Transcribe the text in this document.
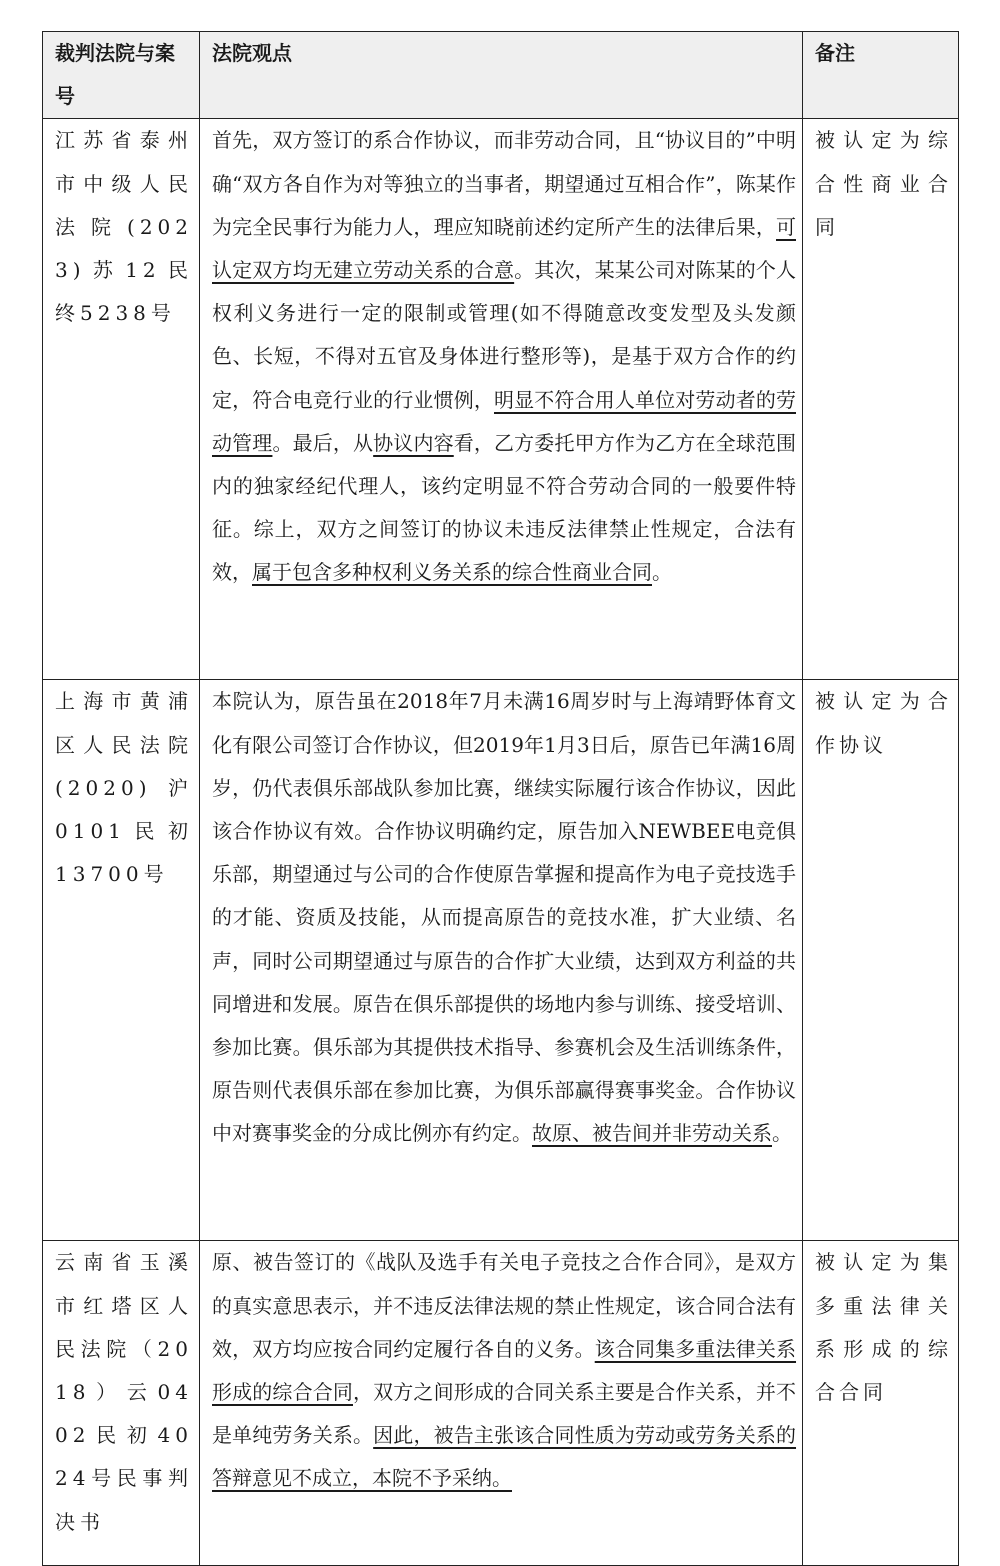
裁判法院与案号	法院观点	备注
江苏省泰州市中级人民法院(2023)苏12民终5238号	首先，双方签订的系合作协议，而非劳动合同，且“协议目的”中明确“双方各自作为对等独立的当事者，期望通过互相合作”，陈某作为完全民事行为能力人，理应知晓前述约定所产生的法律后果，可认定双方均无建立劳动关系的合意。其次，某某公司对陈某的个人权利义务进行一定的限制或管理(如不得随意改变发型及头发颜色、长短，不得对五官及身体进行整形等)，是基于双方合作的约定，符合电竞行业的行业惯例，明显不符合用人单位对劳动者的劳动管理。最后，从协议内容看，乙方委托甲方作为乙方在全球范围内的独家经纪代理人，该约定明显不符合劳动合同的一般要件特征。综上，双方之间签订的协议未违反法律禁止性规定，合法有效，属于包含多种权利义务关系的综合性商业合同。	被认定为综合性商业合同
上海市黄浦区人民法院(2020)沪0101民初13700号	本院认为，原告虽在2018年7月未满16周岁时与上海靖野体育文化有限公司签订合作协议，但2019年1月3日后，原告已年满16周岁，仍代表俱乐部战队参加比赛，继续实际履行该合作协议，因此该合作协议有效。合作协议明确约定，原告加入NEWBEE电竞俱乐部，期望通过与公司的合作使原告掌握和提高作为电子竞技选手的才能、资质及技能，从而提高原告的竞技水准，扩大业绩、名声，同时公司期望通过与原告的合作扩大业绩，达到双方利益的共同增进和发展。原告在俱乐部提供的场地内参与训练、接受培训、参加比赛。俱乐部为其提供技术指导、参赛机会及生活训练条件，原告则代表俱乐部在参加比赛，为俱乐部赢得赛事奖金。合作协议中对赛事奖金的分成比例亦有约定。故原、被告间并非劳动关系。	被认定为合作协议
云南省玉溪市红塔区人民法院（2018）云0402民初4024号民事判决书	原、被告签订的《战队及选手有关电子竞技之合作合同》，是双方的真实意思表示，并不违反法律法规的禁止性规定，该合同合法有效，双方均应按合同约定履行各自的义务。该合同集多重法律关系形成的综合合同，双方之间形成的合同关系主要是合作关系，并不是单纯劳务关系。因此，被告主张该合同性质为劳动或劳务关系的答辩意见不成立，本院不予采纳。	被认定为集多重法律关系形成的综合合同
